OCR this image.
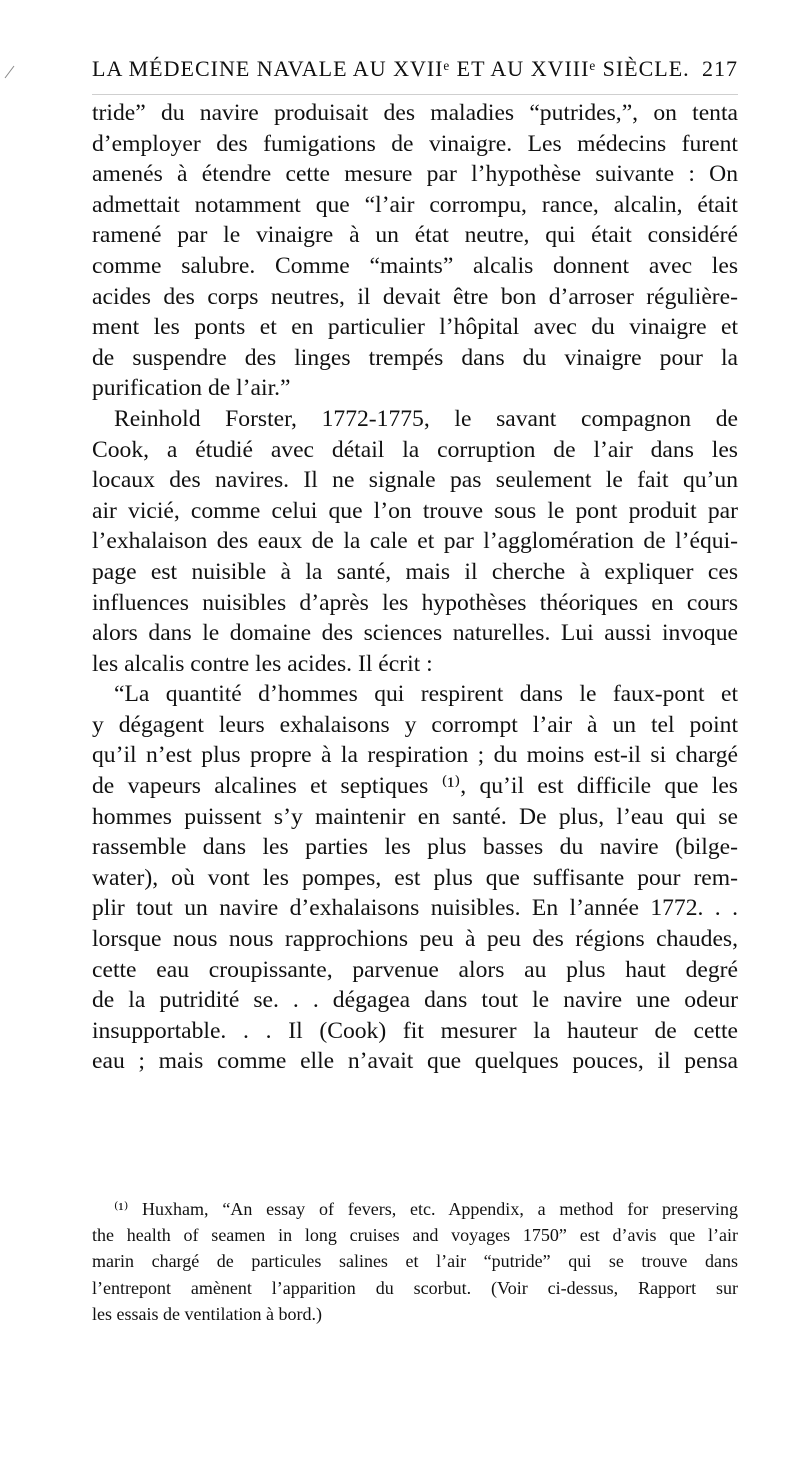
LA MÉDECINE NAVALE AU XVIIᵉ ET AU XVIIIᵉ SIÈCLE. 217
tride” du navire produisait des maladies “putrides,”, on tenta
d’employer des fumigations de vinaigre. Les médecins furent
amenés à étendre cette mesure par l’hypothèse suivante : On
admettait notamment que “l’air corrompu, rance, alcalin, était
ramené par le vinaigre à un état neutre, qui était considéré
comme salubre. Comme “maints” alcalis donnent avec les
acides des corps neutres, il devait être bon d’arroser régulière-
ment les ponts et en particulier l’hôpital avec du vinaigre et
de suspendre des linges trempés dans du vinaigre pour la
purification de l’air.”
Reinhold Forster, 1772-1775, le savant compagnon de
Cook, a étudié avec détail la corruption de l’air dans les
locaux des navires. Il ne signale pas seulement le fait qu’un
air vicié, comme celui que l’on trouve sous le pont produit par
l’exhalaison des eaux de la cale et par l’agglomération de l’équi-
page est nuisible à la santé, mais il cherche à expliquer ces
influences nuisibles d’après les hypothèses théoriques en cours
alors dans le domaine des sciences naturelles. Lui aussi invoque
les alcalis contre les acides. Il écrit :
“La quantité d’hommes qui respirent dans le faux-pont et
y dégagent leurs exhalaisons y corrompt l’air à un tel point
qu’il n’est plus propre à la respiration ; du moins est-il si chargé
de vapeurs alcalines et septiques ⁽¹⁾, qu’il est difficile que les
hommes puissent s’y maintenir en santé. De plus, l’eau qui se
rassemble dans les parties les plus basses du navire (bilge-
water), où vont les pompes, est plus que suffisante pour rem-
plir tout un navire d’exhalaisons nuisibles. En l’année 1772. . .
lorsque nous nous rapprochions peu à peu des régions chaudes,
cette eau croupissante, parvenue alors au plus haut degré
de la putridité se. . . dégagea dans tout le navire une odeur
insupportable. . . Il (Cook) fit mesurer la hauteur de cette
eau ; mais comme elle n’avait que quelques pouces, il pensa
⁽¹⁾ Huxham, “An essay of fevers, etc. Appendix, a method for preserving
the health of seamen in long cruises and voyages 1750” est d’avis que l’air
marin chargé de particules salines et l’air “putride” qui se trouve dans
l’entrepont amènent l’apparition du scorbut. (Voir ci-dessus, Rapport sur
les essais de ventilation à bord.)
